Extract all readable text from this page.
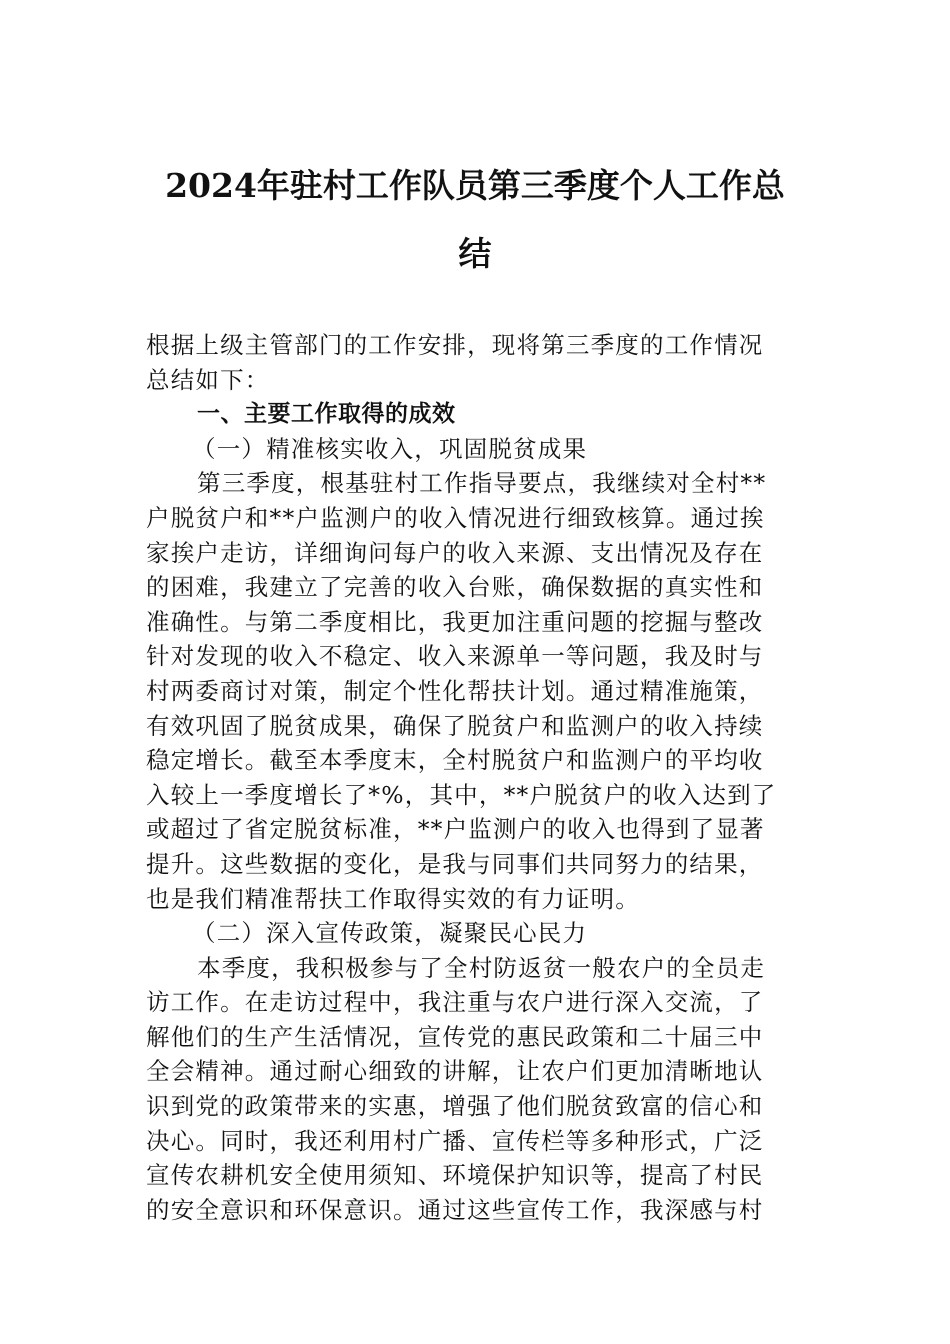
2024年驻村工作队员第三季度个人工作总
结
根据上级主管部门的工作安排，现将第三季度的工作情况
总结如下：
一、主要工作取得的成效
（一）精准核实收入，巩固脱贫成果
第三季度，根基驻村工作指导要点，我继续对全村**
户脱贫户和**户监测户的收入情况进行细致核算。通过挨
家挨户走访，详细询问每户的收入来源、支出情况及存在
的困难，我建立了完善的收入台账，确保数据的真实性和
准确性。与第二季度相比，我更加注重问题的挖掘与整改
针对发现的收入不稳定、收入来源单一等问题，我及时与
村两委商讨对策，制定个性化帮扶计划。通过精准施策，
有效巩固了脱贫成果，确保了脱贫户和监测户的收入持续
稳定增长。截至本季度末，全村脱贫户和监测户的平均收
入较上一季度增长了*%，其中，**户脱贫户的收入达到了
或超过了省定脱贫标准，**户监测户的收入也得到了显著
提升。这些数据的变化，是我与同事们共同努力的结果，
也是我们精准帮扶工作取得实效的有力证明。
（二）深入宣传政策，凝聚民心民力
本季度，我积极参与了全村防返贫一般农户的全员走
访工作。在走访过程中，我注重与农户进行深入交流，了
解他们的生产生活情况，宣传党的惠民政策和二十届三中
全会精神。通过耐心细致的讲解，让农户们更加清晰地认
识到党的政策带来的实惠，增强了他们脱贫致富的信心和
决心。同时，我还利用村广播、宣传栏等多种形式，广泛
宣传农耕机安全使用须知、环境保护知识等，提高了村民
的安全意识和环保意识。通过这些宣传工作，我深感与村
